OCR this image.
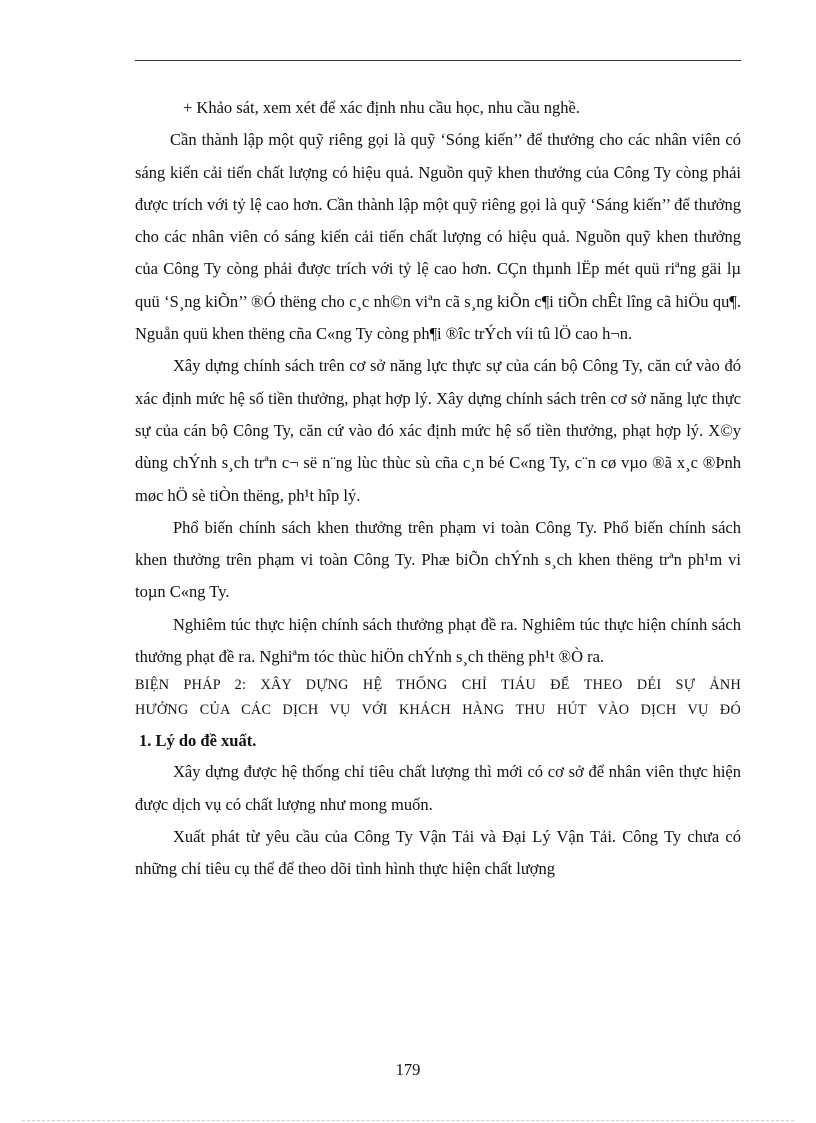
+ Khảo sát, xem xét để xác định nhu cầu học, nhu cầu nghề.

Cần thành lập một quỹ riêng gọi là quỹ ‘Sóng kiến’’ để thưởng cho các nhân viên có sáng kiến cải tiến chất lượng có hiệu quả. Nguồn quỹ khen thưởng của Công Ty còng phải được trích với tỷ lệ cao hơn. Cần thành lập một quỹ riêng gọi là quỹ ‘Sáng kiến’’ để thưởng cho các nhân viên có sáng kiến cải tiến chất lượng có hiệu quả. Nguồn quỹ khen thưởng của Công Ty còng phải được trích với tỷ lệ cao hơn. CÇn thµnh lËp mét quü riªng gäi lµ quü ‘S¸ng kiÕn’’ ®Ó thëng cho c¸c nh©n viªn cã s¸ng kiÕn c¶i tiÕn chÊt lîng cã hiÖu qu¶. Nguån quü khen thëng cña C«ng Ty còng ph¶i ®îc trÝch víi tû lÖ cao h¬n.

Xây dựng chính sách trên cơ sở năng lực thực sự của cán bộ Công Ty, căn cứ vào đó xác định mức hệ số tiền thưởng, phạt hợp lý. Xây dựng chính sách trên cơ sở năng lực thực sự của cán bộ Công Ty, căn cứ vào đó xác định mức hệ số tiền thưởng, phạt hợp lý. X©y dùng chÝnh s¸ch trªn c¬ së n¨ng lùc thùc sù cña c¸n bé C«ng Ty, c¨n cø vµo ®ã x¸c ®Þnh møc hÖ sè tiÒn thëng, ph¹t hîp lý.

Phổ biến chính sách khen thưởng trên phạm vi toàn Công Ty. Phổ biến chính sách khen thưởng trên phạm vi toàn Công Ty. Phæ biÕn chÝnh s¸ch khen thëng trªn ph¹m vi toµn C«ng Ty.

Nghiêm túc thực hiện chính sách thưởng phạt đề ra. Nghiêm túc thực hiện chính sách thưởng phạt đề ra. Nghiªm tóc thùc hiÖn chÝnh s¸ch thëng ph¹t ®Ò ra.

BIỆN PHÁP 2: XÂY DỰNG HỆ THỐNG CHỈ TIÁU ĐỂ THEO DÉI SỰ ẢNH
HƯỞNG CỦA CÁC DỊCH VỤ VỚI KHÁCH HÀNG THU HÚT VÀO DỊCH VỤ ĐÓ
1. Lý do đề xuất.

Xây dựng được hệ thống chỉ tiêu chất lượng thì mới có cơ sở để nhân viên thực hiện được dịch vụ có chất lượng như mong muốn.

Xuất phát từ yêu cầu của Công Ty Vận Tải và Đại Lý Vận Tải. Công Ty chưa có những chỉ tiêu cụ thể để theo dõi tình hình thực hiện chất lượng

179
